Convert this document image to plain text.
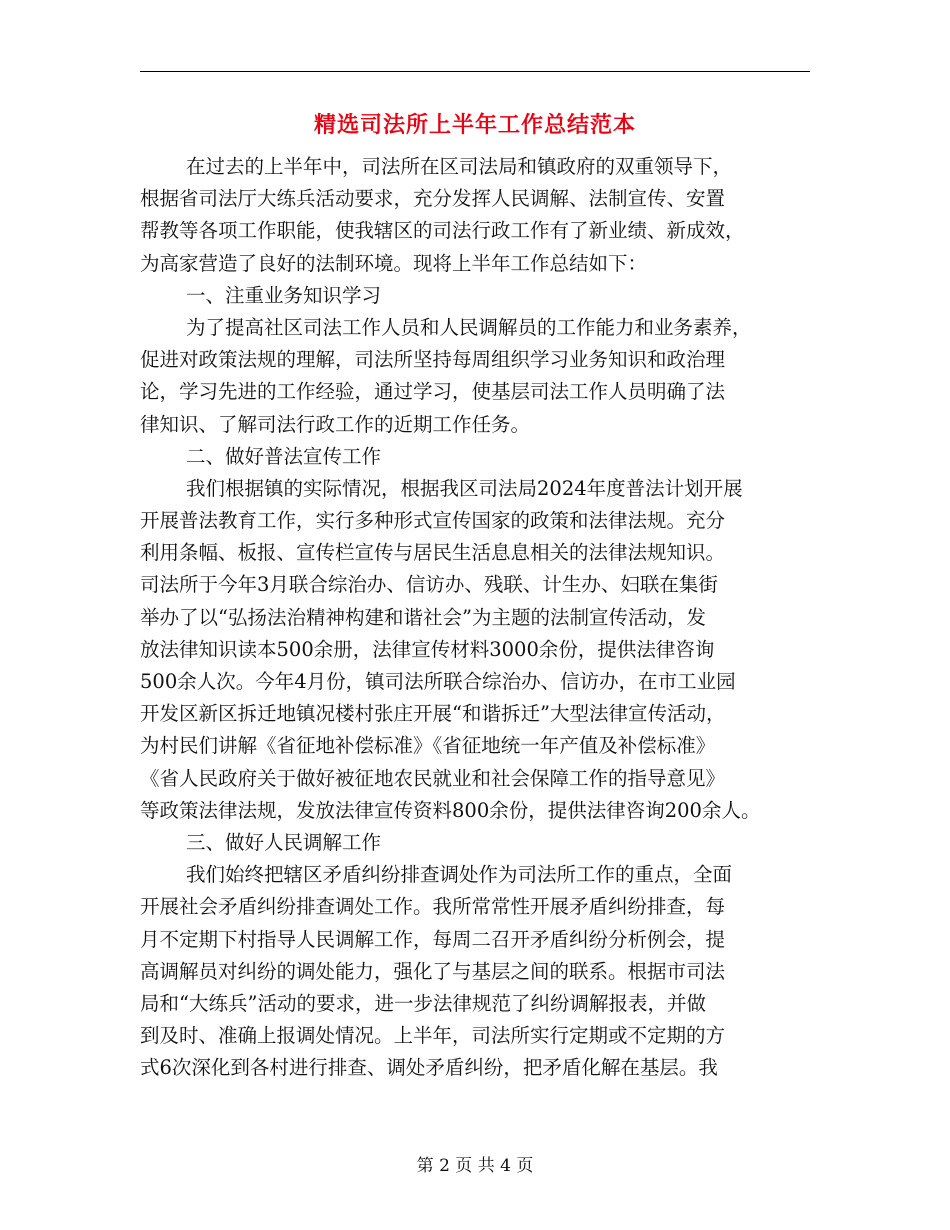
精选司法所上半年工作总结范本
在过去的上半年中，司法所在区司法局和镇政府的双重领导下，
根据省司法厅大练兵活动要求，充分发挥人民调解、法制宣传、安置
帮教等各项工作职能，使我辖区的司法行政工作有了新业绩、新成效，
为高家营造了良好的法制环境。现将上半年工作总结如下：
一、注重业务知识学习
为了提高社区司法工作人员和人民调解员的工作能力和业务素养，
促进对政策法规的理解，司法所坚持每周组织学习业务知识和政治理
论，学习先进的工作经验，通过学习，使基层司法工作人员明确了法
律知识、了解司法行政工作的近期工作任务。
二、做好普法宣传工作
我们根据镇的实际情况，根据我区司法局2024年度普法计划开展
开展普法教育工作，实行多种形式宣传国家的政策和法律法规。充分
利用条幅、板报、宣传栏宣传与居民生活息息相关的法律法规知识。
司法所于今年3月联合综治办、信访办、残联、计生办、妇联在集街
举办了以“弘扬法治精神构建和谐社会”为主题的法制宣传活动，发
放法律知识读本500余册，法律宣传材料3000余份，提供法律咨询
500余人次。今年4月份，镇司法所联合综治办、信访办，在市工业园
开发区新区拆迁地镇况楼村张庄开展“和谐拆迁”大型法律宣传活动，
为村民们讲解《省征地补偿标准》《省征地统一年产值及补偿标准》
《省人民政府关于做好被征地农民就业和社会保障工作的指导意见》
等政策法律法规，发放法律宣传资料800余份，提供法律咨询200余人。
三、做好人民调解工作
我们始终把辖区矛盾纠纷排查调处作为司法所工作的重点，全面
开展社会矛盾纠纷排查调处工作。我所常常性开展矛盾纠纷排查，每
月不定期下村指导人民调解工作，每周二召开矛盾纠纷分析例会，提
高调解员对纠纷的调处能力，强化了与基层之间的联系。根据市司法
局和“大练兵”活动的要求，进一步法律规范了纠纷调解报表，并做
到及时、准确上报调处情况。上半年，司法所实行定期或不定期的方
式6次深化到各村进行排查、调处矛盾纠纷，把矛盾化解在基层。我
第 2 页 共 4 页
